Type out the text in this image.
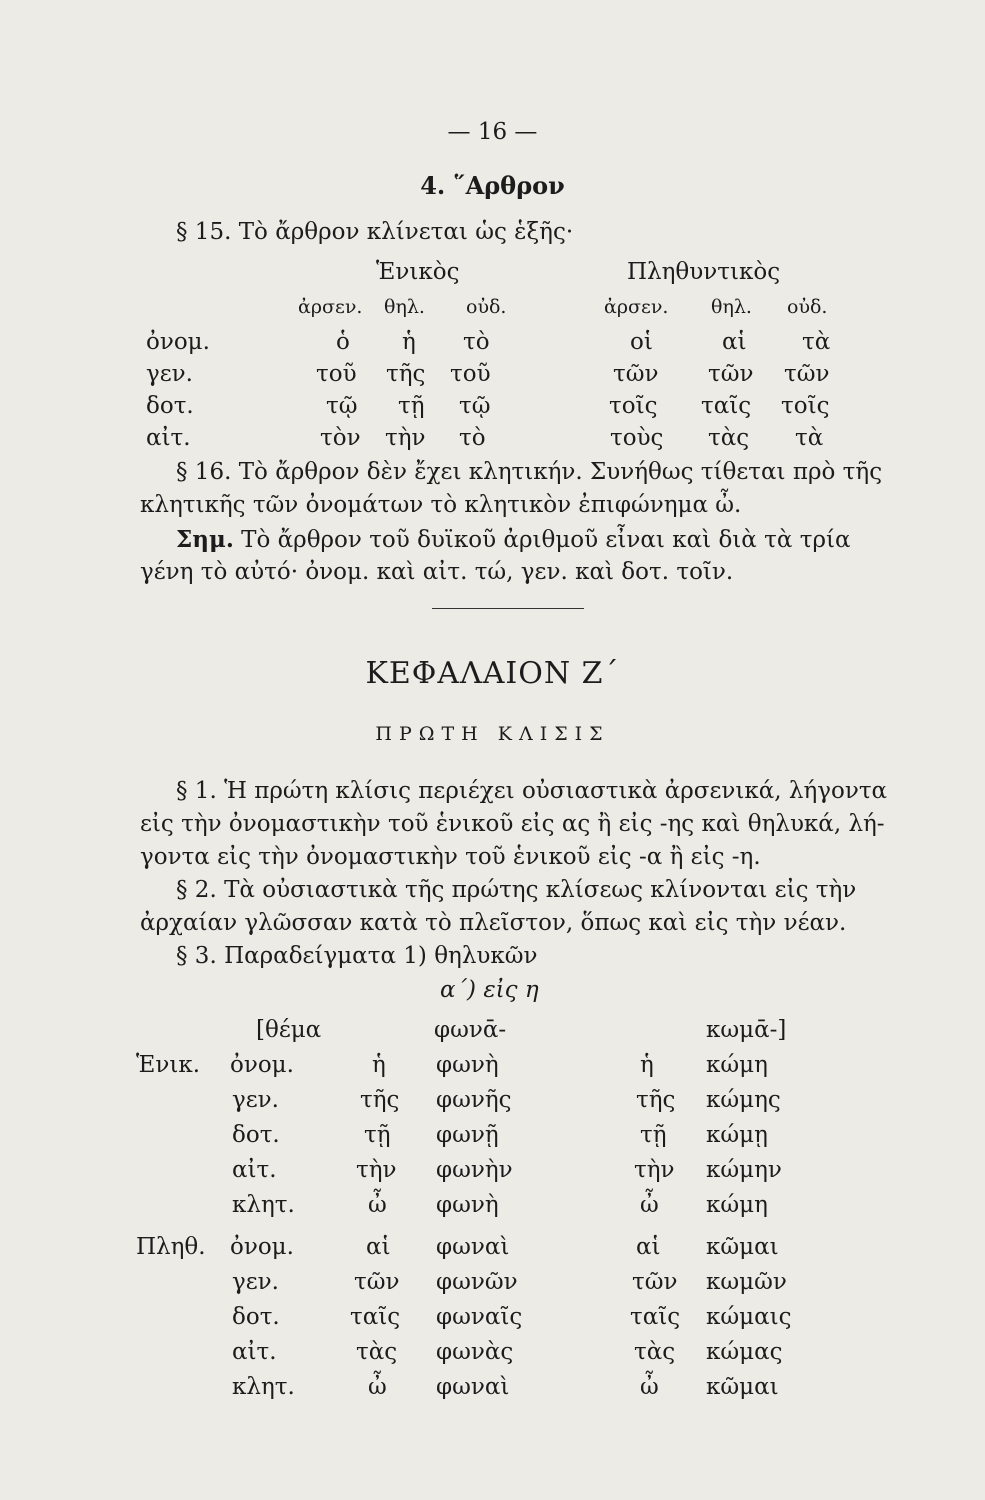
— 16 —
4. ῞Αρθρον
§ 15. Τὸ ἄρθρον κλίνεται ὡς ἑξῆς·
Ἑνικὸς	Πληθυντικὸς
ἀρσεν. θηλ. οὐδ.	ἀρσεν. θηλ. οὐδ.
ὀνομ.	ὁ ἡ τὸ	οἱ	αἱ τὰ
γεν.	τοῦ τῆς τοῦ	τῶν τῶν τῶν
δοτ.	τῷ τῇ τῷ	τοῖς ταῖς τοῖς
αἰτ.	τὸν τὴν τὸ	τοὺς τὰς τὰ
§ 16. Τὸ ἄρθρον δὲν ἔχει κλητικήν. Συνήθως τίθεται πρὸ τῆς
κλητικῆς τῶν ὀνομάτων τὸ κλητικὸν ἐπιφώνημα ὦ.
Σημ. Τὸ ἄρθρον τοῦ δυϊκοῦ ἀριθμοῦ εἶναι καὶ διὰ τὰ τρία
γένη τὸ αὐτό· ὀνομ. καὶ αἰτ. τώ, γεν. καὶ δοτ. τοῖν.
ΚΕΦΑΛΑΙΟΝ Ζ΄
ΠΡΩΤΗ ΚΛΙΣΙΣ
§ 1. Ἡ πρώτη κλίσις περιέχει οὐσιαστικὰ ἀρσενικά, λήγοντα
εἰς τὴν ὀνομαστικὴν τοῦ ἑνικοῦ εἰς ας ἢ εἰς -ης καὶ θηλυκά, λή-
γοντα εἰς τὴν ὀνομαστικὴν τοῦ ἑνικοῦ εἰς -α ἢ εἰς -η.
§ 2. Τὰ οὐσιαστικὰ τῆς πρώτης κλίσεως κλίνονται εἰς τὴν
ἀρχαίαν γλῶσσαν κατὰ τὸ πλεῖστον, ὅπως καὶ εἰς τὴν νέαν.
§ 3. Παραδείγματα 1) θηλυκῶν
α΄) εἰς η
[θέμα	φωνᾱ-	κωμᾱ-]
Ἑνικ. ὀνομ.	ἡ φωνὴ	ἡ κώμη
γεν.	τῆς φωνῆς	τῆς κώμης
δοτ.	τῇ φωνῇ	τῇ κώμῃ
αἰτ.	τὴν φωνὴν	τὴν κώμην
κλητ.	ὦ φωνὴ	ὦ κώμη
Πληθ. ὀνομ.	αἱ φωναὶ	αἱ κῶμαι
γεν.	τῶν φωνῶν	τῶν κωμῶν
δοτ.	ταῖς φωναῖς	ταῖς κώμαις
αἰτ.	τὰς φωνὰς	τὰς κώμας
κλητ.	ὦ φωναὶ	ὦ κῶμαι
